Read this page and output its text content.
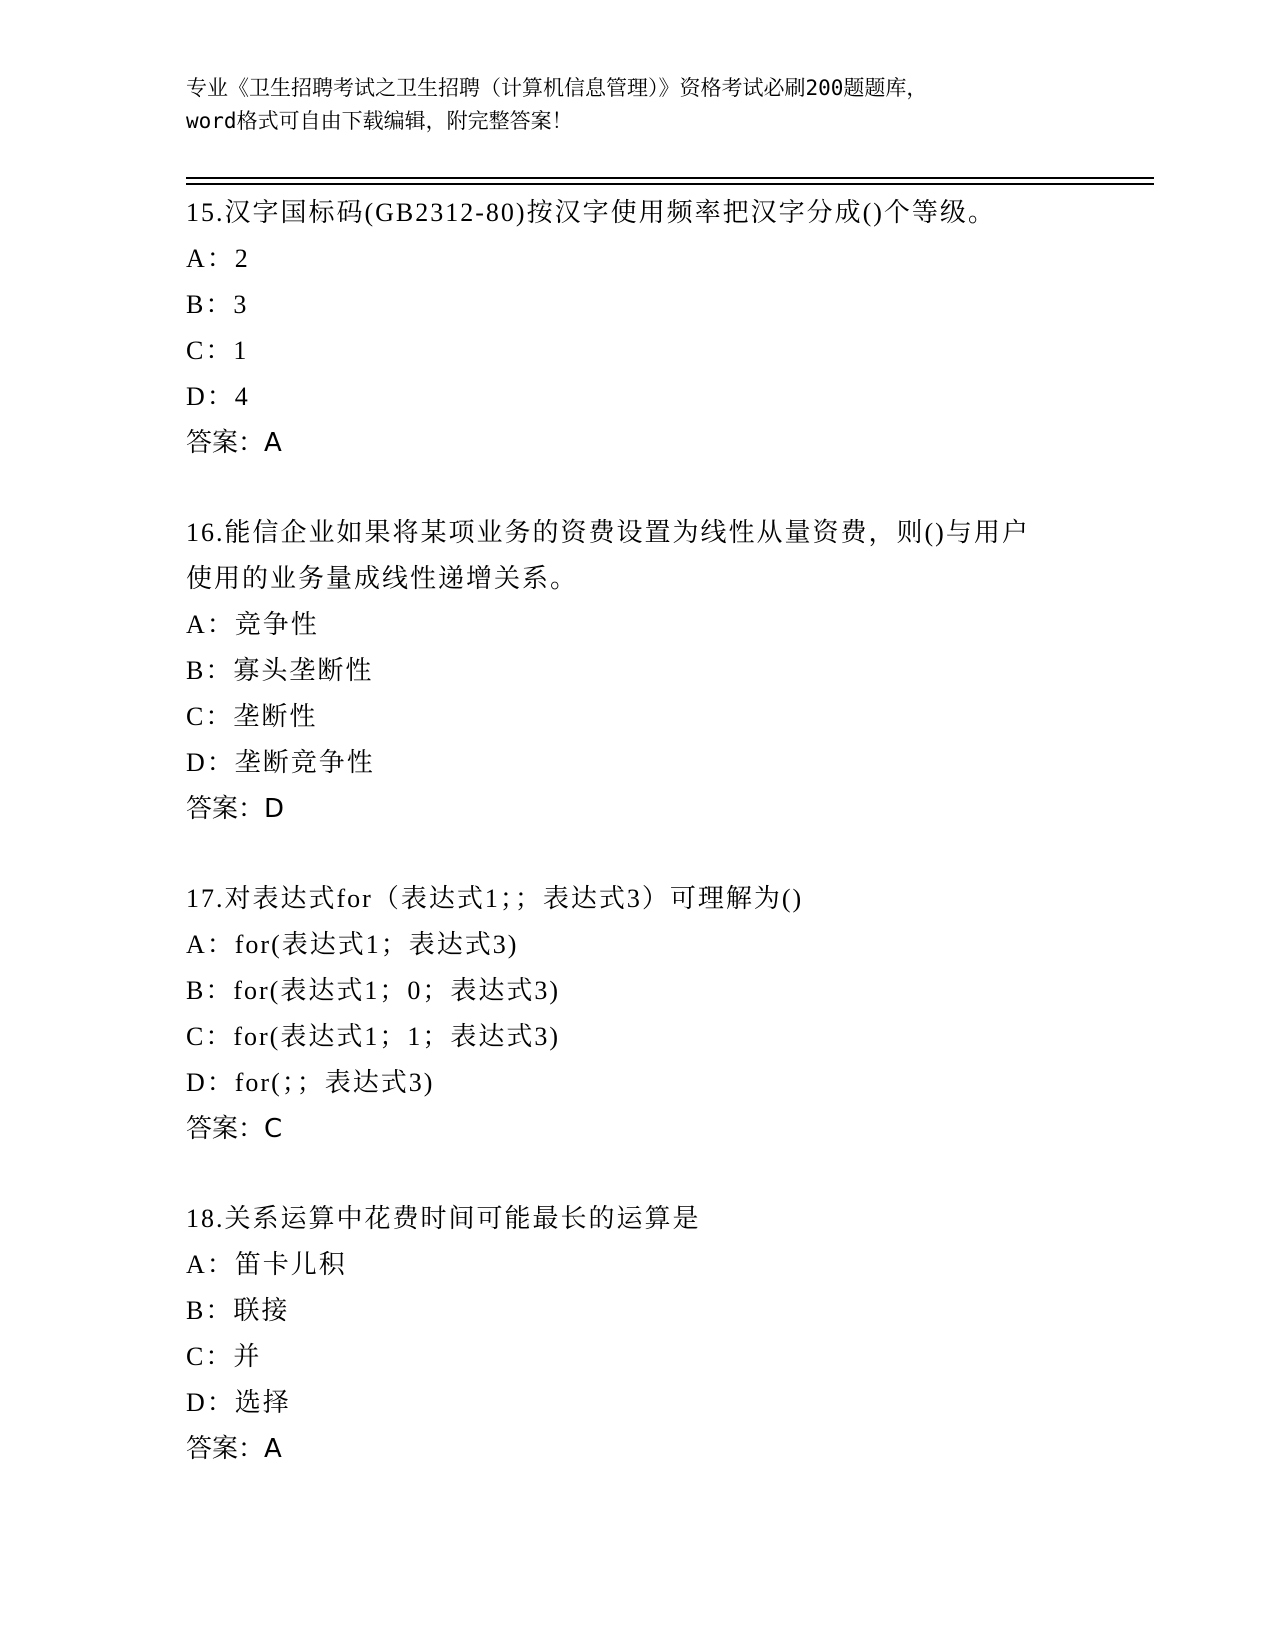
专业《卫生招聘考试之卫生招聘（计算机信息管理）》资格考试必刷200题题库，
word格式可自由下载编辑，附完整答案！
15.汉字国标码(GB2312-80)按汉字使用频率把汉字分成()个等级。
A：2
B：3
C：1
D：4
答案：A
16.能信企业如果将某项业务的资费设置为线性从量资费，则()与用户
使用的业务量成线性递增关系。
A：竞争性
B：寡头垄断性
C：垄断性
D：垄断竞争性
答案：D
17.对表达式for（表达式1；；表达式3）可理解为()
A：for(表达式1；表达式3)
B：for(表达式1；0；表达式3)
C：for(表达式1；1；表达式3)
D：for(；；表达式3)
答案：C
18.关系运算中花费时间可能最长的运算是
A：笛卡儿积
B：联接
C：并
D：选择
答案：A
